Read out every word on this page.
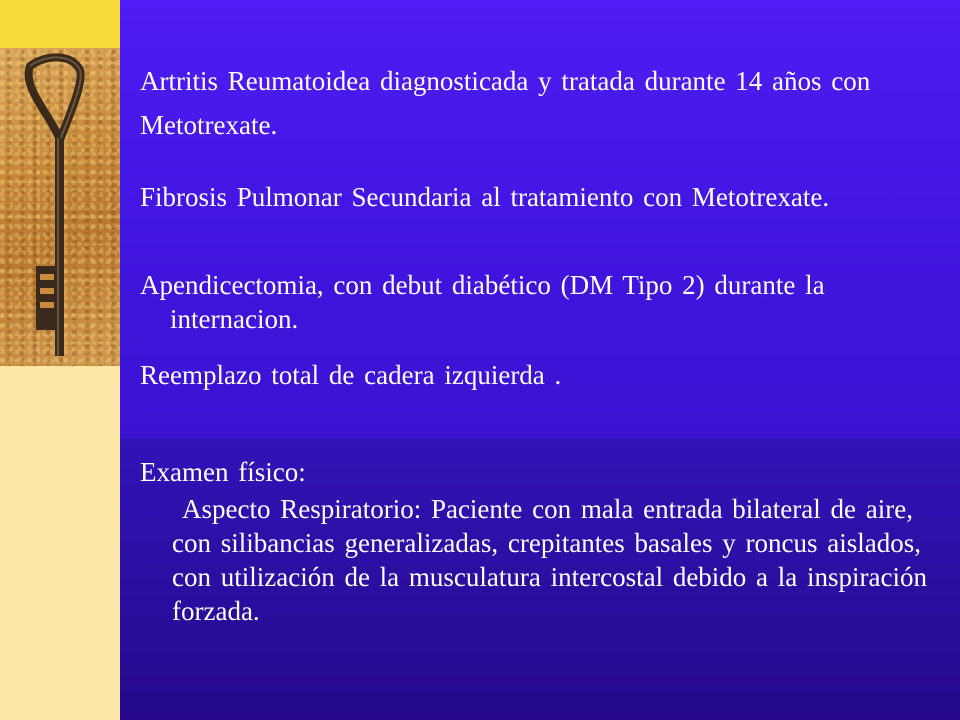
Artritis Reumatoidea diagnosticada y tratada durante 14 años con Metotrexate.
Fibrosis Pulmonar Secundaria al tratamiento con Metotrexate.
Apendicectomia, con debut diabético (DM Tipo 2) durante la internacion.
Reemplazo total de cadera izquierda .
Examen físico:
Aspecto Respiratorio: Paciente con mala entrada bilateral de aire, con silibancias generalizadas, crepitantes basales y roncus aislados, con utilización de la musculatura intercostal debido a la inspiración forzada.
